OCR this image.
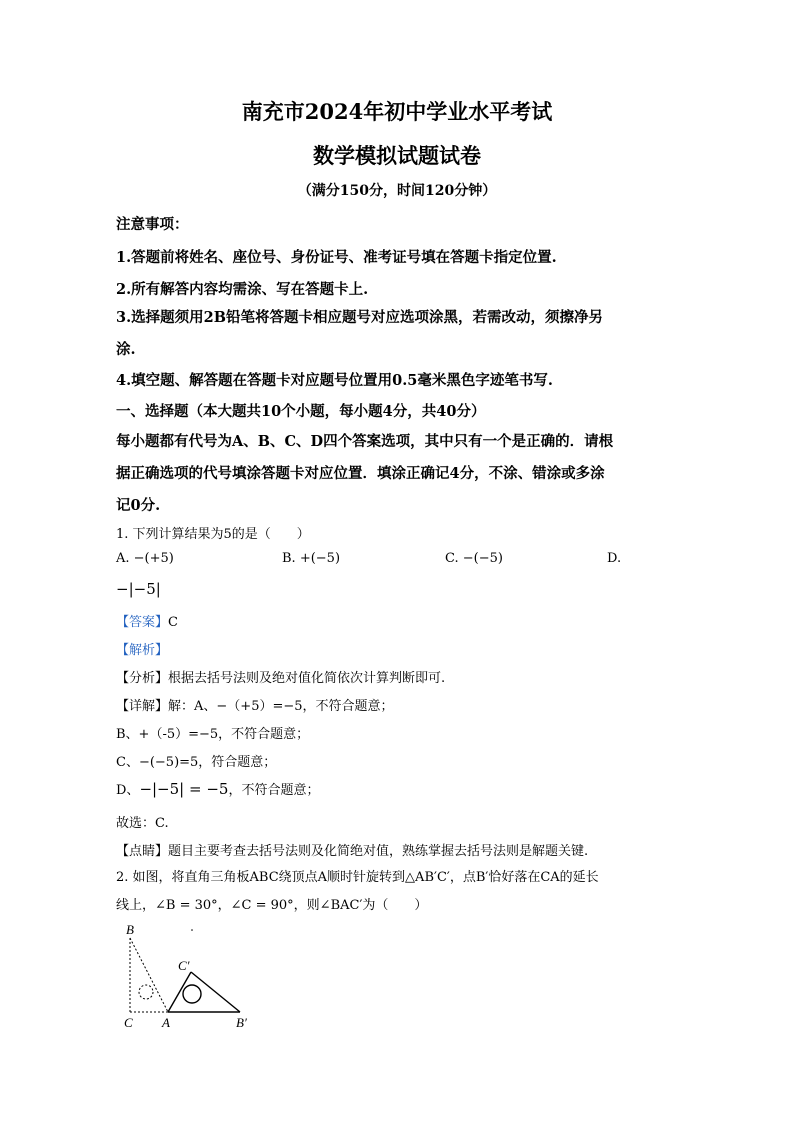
南充市2024年初中学业水平考试
数学模拟试题试卷
（满分150分，时间120分钟）
注意事项：
1.答题前将姓名、座位号、身份证号、准考证号填在答题卡指定位置.
2.所有解答内容均需涂、写在答题卡上.
3.选择题须用2B铅笔将答题卡相应题号对应选项涂黑，若需改动，须擦净另
涂.
4.填空题、解答题在答题卡对应题号位置用0.5毫米黑色字迹笔书写.
一、选择题（本大题共10个小题，每小题4分，共40分）
每小题都有代号为A、B、C、D四个答案选项，其中只有一个是正确的．请根
据正确选项的代号填涂答题卡对应位置．填涂正确记4分，不涂、错涂或多涂
记0分.
1. 下列计算结果为5的是（　　）
A. −(+5)	B. +(−5)	C. −(−5)	D.
−|−5|
【答案】C
【解析】
【分析】根据去括号法则及绝对值化简依次计算判断即可.
【详解】解：A、−（+5）=−5，不符合题意；
B、+（-5）=−5，不符合题意；
C、−(−5)=5，符合题意；
D、−|−5| = −5，不符合题意；
故选：C.
【点睛】题目主要考查去括号法则及化简绝对值，熟练掌握去括号法则是解题关键.
2. 如图，将直角三角板ABC绕顶点A顺时针旋转到△AB′C′，点B′恰好落在CA的延长
线上，∠B = 30°，∠C = 90°，则∠BAC′为（　　）
B
C A
C′
B′
